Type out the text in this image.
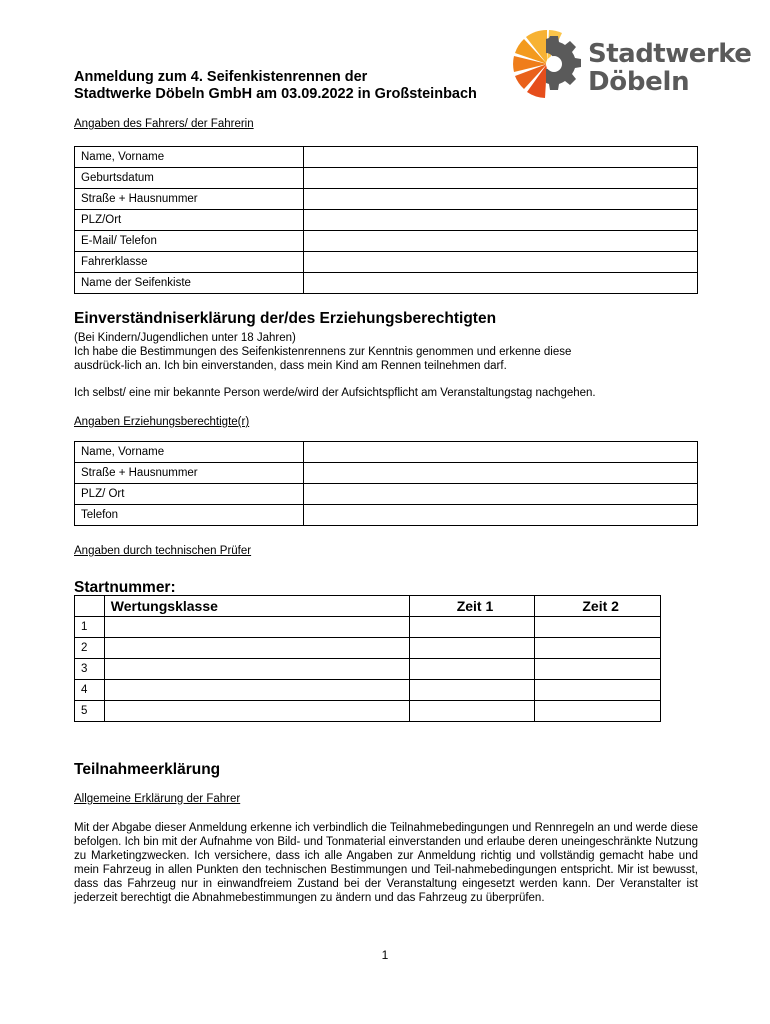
Stadtwerke
Döbeln
Anmeldung zum 4. Seifenkistenrennen der
Stadtwerke Döbeln GmbH am 03.09.2022 in Großsteinbach
Angaben des Fahrers/ der Fahrerin
Name, Vorname	
Geburtsdatum	
Straße + Hausnummer	
PLZ/Ort	
E-Mail/ Telefon	
Fahrerklasse	
Name der Seifenkiste	
Einverständniserklärung der/des Erziehungsberechtigten
(Bei Kindern/Jugendlichen unter 18 Jahren)
Ich habe die Bestimmungen des Seifenkistenrennens zur Kenntnis genommen und erkenne diese
ausdrück-lich an. Ich bin einverstanden, dass mein Kind am Rennen teilnehmen darf.
Ich selbst/ eine mir bekannte Person werde/wird der Aufsichtspflicht am Veranstaltungstag nachgehen.
Angaben Erziehungsberechtigte(r)
Name, Vorname	
Straße + Hausnummer	
PLZ/ Ort	
Telefon	
Angaben durch technischen Prüfer
Startnummer:
	Wertungsklasse	Zeit 1	Zeit 2
1			
2			
3			
4			
5			
Teilnahmeerklärung
Allgemeine Erklärung der Fahrer
Mit der Abgabe dieser Anmeldung erkenne ich verbindlich die Teilnahmebedingungen und Rennregeln an und werde diese befolgen. Ich bin mit der Aufnahme von Bild- und Tonmaterial einverstanden und erlaube deren uneingeschränkte Nutzung zu Marketingzwecken. Ich versichere, dass ich alle Angaben zur Anmeldung richtig und vollständig gemacht habe und mein Fahrzeug in allen Punkten den technischen Bestimmungen und Teil-nahmebedingungen entspricht. Mir ist bewusst, dass das Fahrzeug nur in einwandfreiem Zustand bei der Veranstaltung eingesetzt werden kann. Der Veranstalter ist jederzeit berechtigt die Abnahmebestimmungen zu ändern und das Fahrzeug zu überprüfen.
1
